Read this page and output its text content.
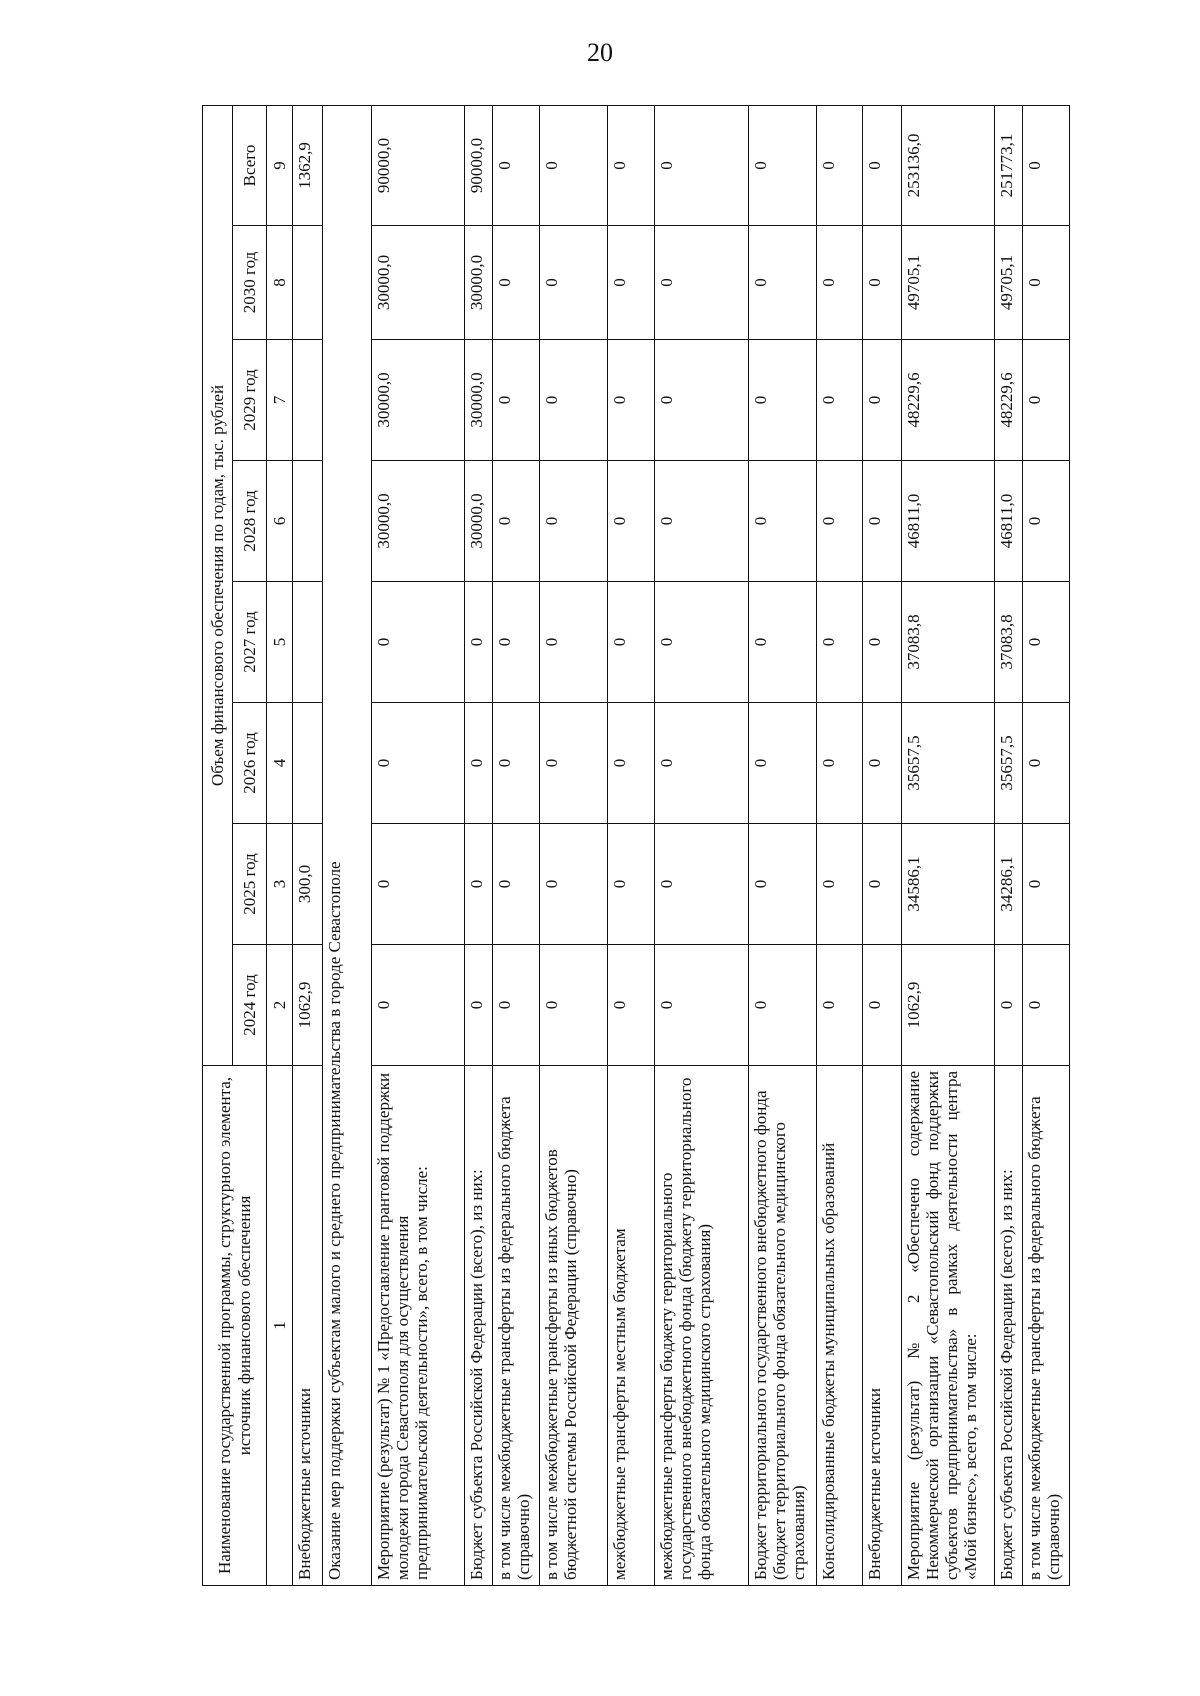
20
Наименование государственной программы, структурного элемента, источник финансового обеспечения	Объем финансового обеспечения по годам, тыс. рублей							
	2024 год	2025 год	2026 год	2027 год	2028 год	2029 год	2030 год	Всего
1	2	3	4	5	6	7	8	9
Внебюджетные источники	1062,9	300,0						1362,9
Оказание мер поддержки субъектам малого и среднего предпринимательства в городе Севастополе								
Мероприятие (результат) № 1 «Предоставление грантовой поддержки молодежи города Севастополя для осуществления предпринимательской деятельности», всего, в том числе:	0	0	0	0	30000,0	30000,0	30000,0	90000,0
Бюджет субъекта Российской Федерации (всего), из них:	0	0	0	0	30000,0	30000,0	30000,0	90000,0
в том числе межбюджетные трансферты из федерального бюджета (справочно)	0	0	0	0	0	0	0	0
в том числе межбюджетные трансферты из иных бюджетов бюджетной системы Российской Федерации (справочно)	0	0	0	0	0	0	0	0
межбюджетные трансферты местным бюджетам	0	0	0	0	0	0	0	0
межбюджетные трансферты бюджету территориального государственного внебюджетного фонда (бюджету территориального фонда обязательного медицинского страхования)	0	0	0	0	0	0	0	0
Бюджет территориального государственного внебюджетного фонда (бюджет территориального фонда обязательного медицинского страхования)	0	0	0	0	0	0	0	0
Консолидированные бюджеты муниципальных образований	0	0	0	0	0	0	0	0
Внебюджетные источники	0	0	0	0	0	0	0	0
Мероприятие (результат) № 2 «Обеспечено содержание Некоммерческой организации «Севастопольский фонд поддержки субъектов предпринимательства» в рамках деятельности центра «Мой бизнес», всего, в том числе:	1062,9	34586,1	35657,5	37083,8	46811,0	48229,6	49705,1	253136,0
Бюджет субъекта Российской Федерации (всего), из них:	0	34286,1	35657,5	37083,8	46811,0	48229,6	49705,1	251773,1
в том числе межбюджетные трансферты из федерального бюджета (справочно)	0	0	0	0	0	0	0	0
